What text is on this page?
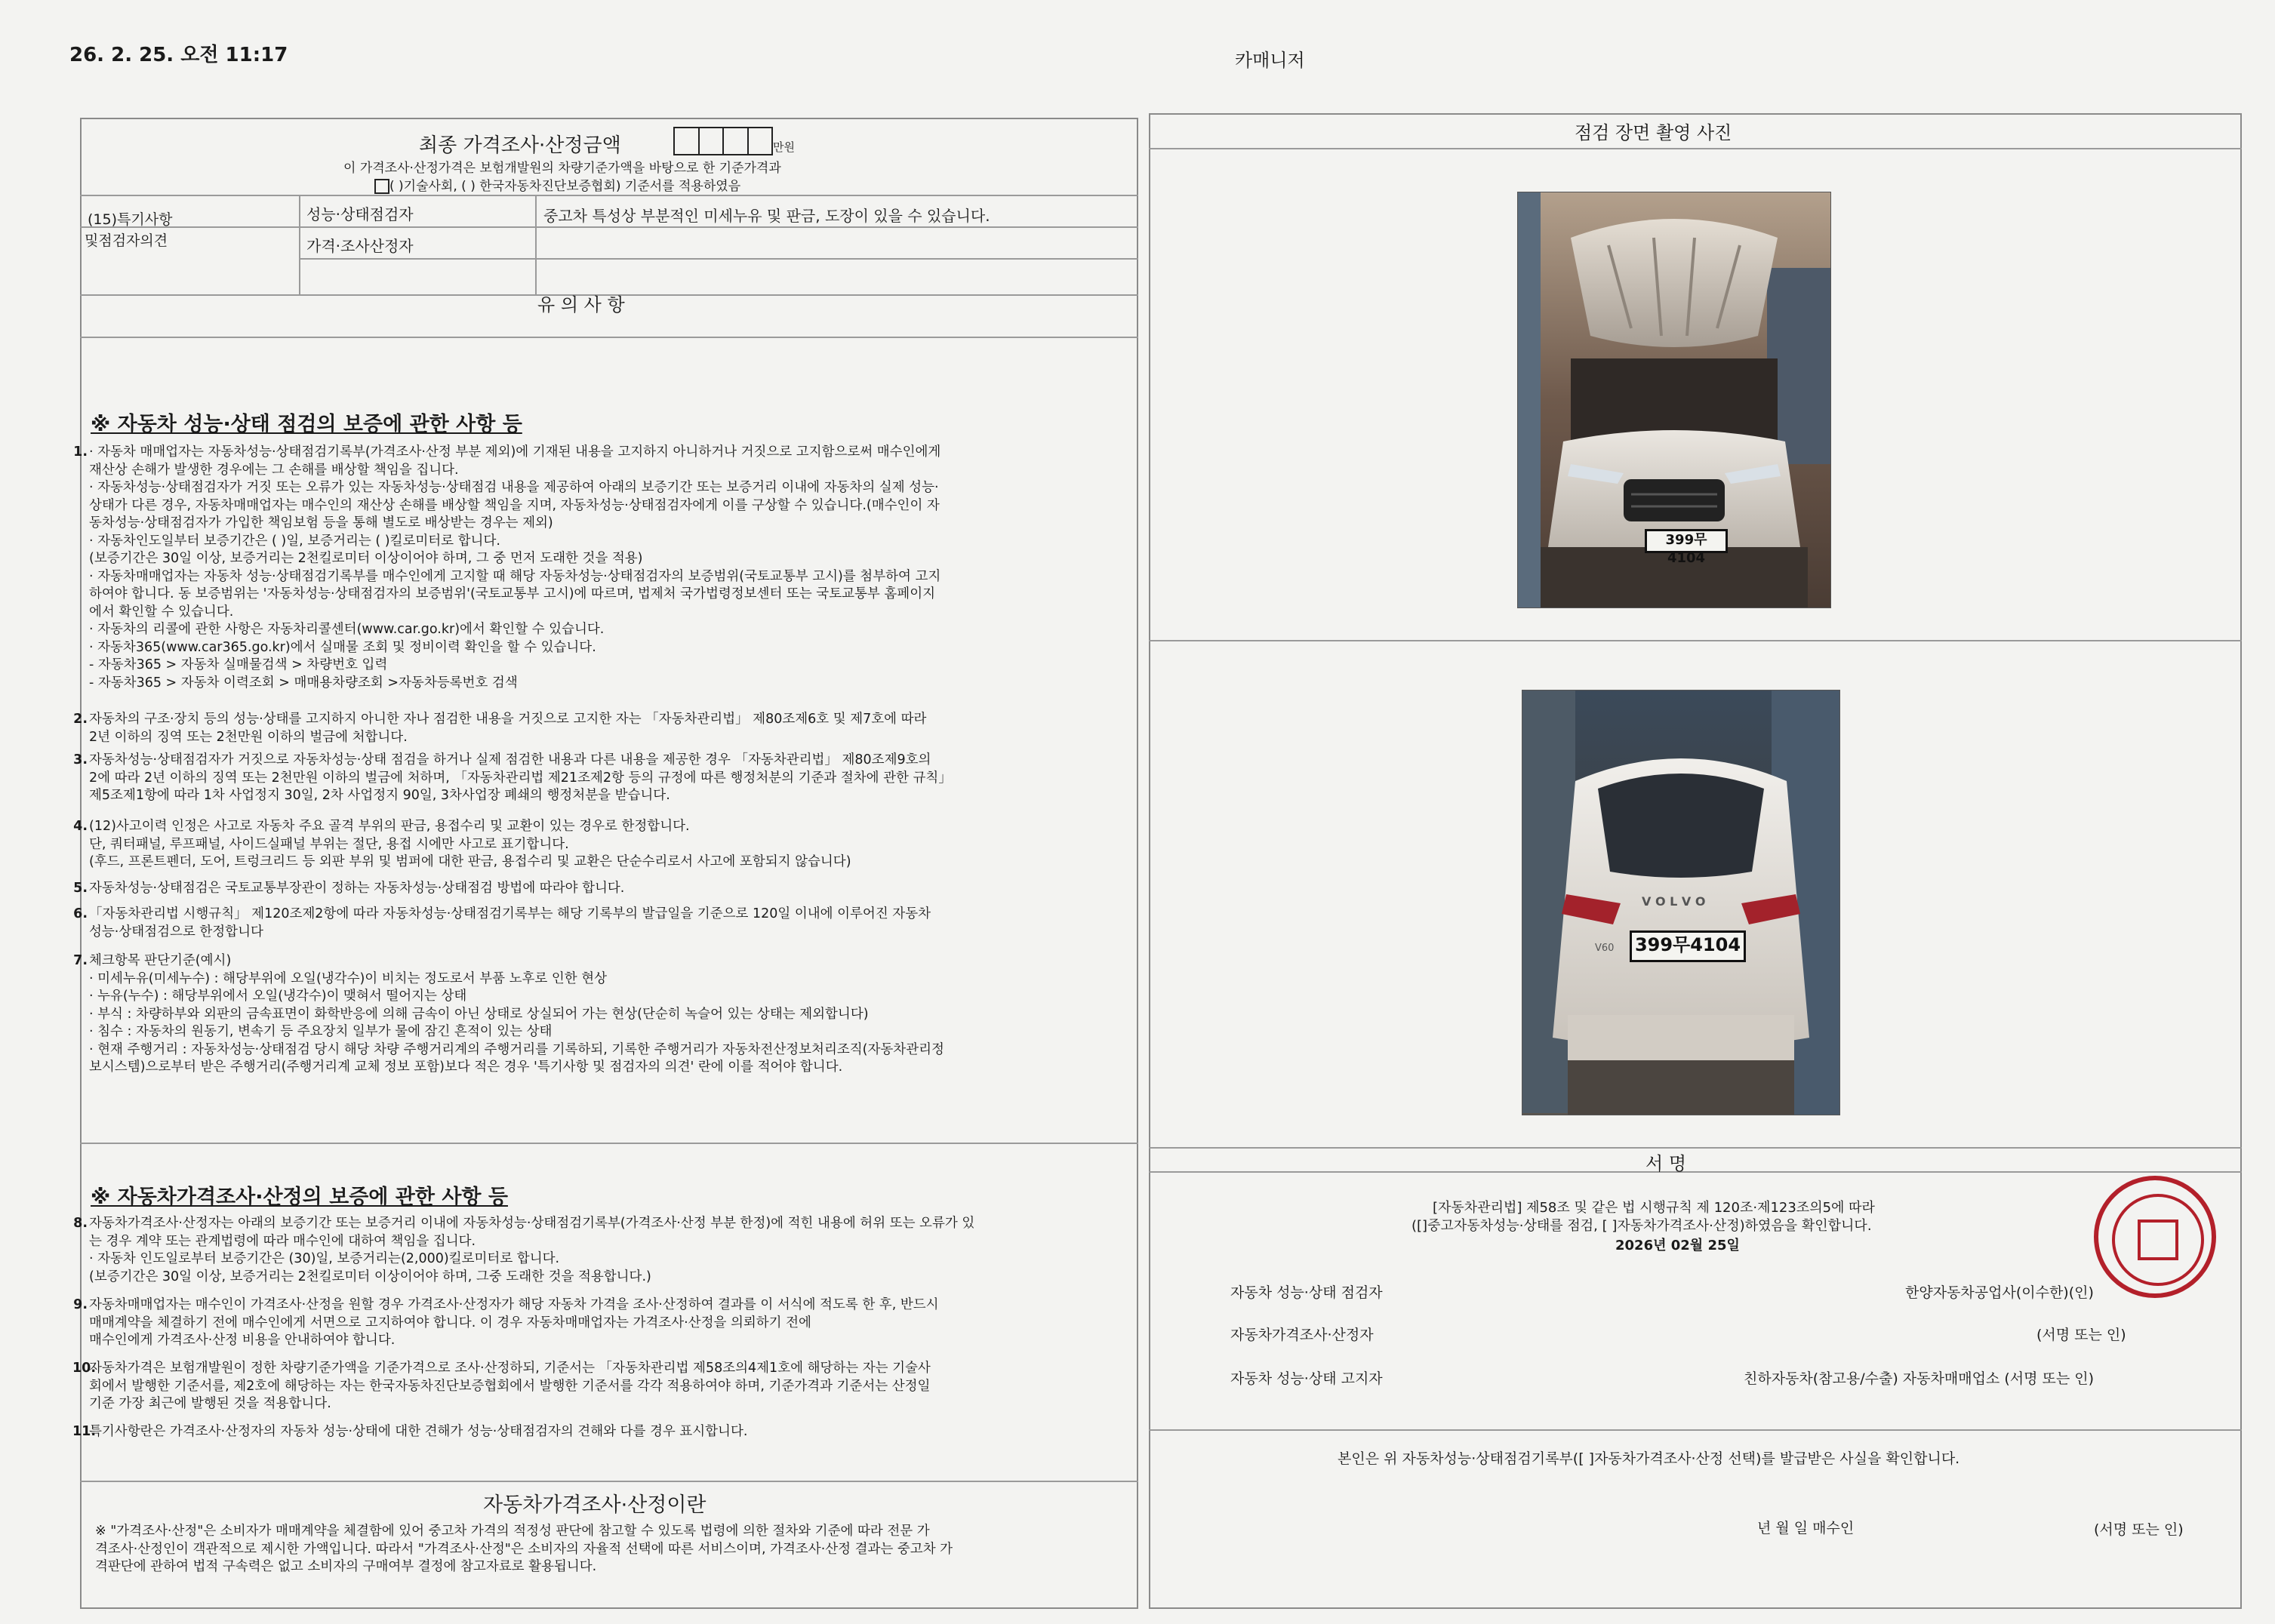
26. 2. 25. 오전 11:17	카매니저
최종 가격조사·산정금액	만원
이 가격조사·산정가격은 보험개발원의 차량기준가액을 바탕으로 한 기준가격과
( )기술사회, ( ) 한국자동차진단보증협회) 기준서를 적용하였음
(15)특기사항
및점검자의견
성능·상태점검자	중고차 특성상 부분적인 미세누유 및 판금, 도장이 있을 수 있습니다.
가격·조사산정자
유 의 사 항
※ 자동차 성능·상태 점검의 보증에 관한 사항 등
1. · 자동차 매매업자는 자동차성능·상태점검기록부(가격조사·산정 부분 제외)에 기재된 내용을 고지하지 아니하거나 거짓으로 고지함으로써 매수인에게
재산상 손해가 발생한 경우에는 그 손해를 배상할 책임을 집니다.
· 자동차성능·상태점검자가 거짓 또는 오류가 있는 자동차성능·상태점검 내용을 제공하여 아래의 보증기간 또는 보증거리 이내에 자동차의 실제 성능·
상태가 다른 경우, 자동차매매업자는 매수인의 재산상 손해를 배상할 책임을 지며, 자동차성능·상태점검자에게 이를 구상할 수 있습니다.(매수인이 자
동차성능·상태점검자가 가입한 책임보험 등을 통해 별도로 배상받는 경우는 제외)
· 자동차인도일부터 보증기간은 ( )일, 보증거리는 ( )킬로미터로 합니다.
(보증기간은 30일 이상, 보증거리는 2천킬로미터 이상이어야 하며, 그 중 먼저 도래한 것을 적용)
· 자동차매매업자는 자동차 성능·상태점검기록부를 매수인에게 고지할 때 해당 자동차성능·상태점검자의 보증범위(국토교통부 고시)를 첨부하여 고지
하여야 합니다. 동 보증범위는 '자동차성능·상태점검자의 보증범위'(국토교통부 고시)에 따르며, 법제처 국가법령정보센터 또는 국토교통부 홈페이지
에서 확인할 수 있습니다.
· 자동차의 리콜에 관한 사항은 자동차리콜센터(www.car.go.kr)에서 확인할 수 있습니다.
· 자동차365(www.car365.go.kr)에서 실매물 조회 및 정비이력 확인을 할 수 있습니다.
- 자동차365 > 자동차 실매물검색 > 차량번호 입력
- 자동차365 > 자동차 이력조회 > 매매용차량조회 >자동차등록번호 검색
2. 자동차의 구조·장치 등의 성능·상태를 고지하지 아니한 자나 점검한 내용을 거짓으로 고지한 자는 「자동차관리법」 제80조제6호 및 제7호에 따라
2년 이하의 징역 또는 2천만원 이하의 벌금에 처합니다.
3. 자동차성능·상태점검자가 거짓으로 자동차성능·상태 점검을 하거나 실제 점검한 내용과 다른 내용을 제공한 경우 「자동차관리법」 제80조제9호의
2에 따라 2년 이하의 징역 또는 2천만원 이하의 벌금에 처하며, 「자동차관리법 제21조제2항 등의 규정에 따른 행정처분의 기준과 절차에 관한 규칙」
제5조제1항에 따라 1차 사업정지 30일, 2차 사업정지 90일, 3차사업장 폐쇄의 행정처분을 받습니다.
4. (12)사고이력 인정은 사고로 자동차 주요 골격 부위의 판금, 용접수리 및 교환이 있는 경우로 한정합니다.
단, 쿼터패널, 루프패널, 사이드실패널 부위는 절단, 용접 시에만 사고로 표기합니다.
(후드, 프론트펜더, 도어, 트렁크리드 등 외판 부위 및 범퍼에 대한 판금, 용접수리 및 교환은 단순수리로서 사고에 포함되지 않습니다)
5. 자동차성능·상태점검은 국토교통부장관이 정하는 자동차성능·상태점검 방법에 따라야 합니다.
6. 「자동차관리법 시행규칙」 제120조제2항에 따라 자동차성능·상태점검기록부는 해당 기록부의 발급일을 기준으로 120일 이내에 이루어진 자동차
성능·상태점검으로 한정합니다
7. 체크항목 판단기준(예시)
· 미세누유(미세누수) : 해당부위에 오일(냉각수)이 비치는 정도로서 부품 노후로 인한 현상
· 누유(누수) : 해당부위에서 오일(냉각수)이 맺혀서 떨어지는 상태
· 부식 : 차량하부와 외판의 금속표면이 화학반응에 의해 금속이 아닌 상태로 상실되어 가는 현상(단순히 녹슬어 있는 상태는 제외합니다)
· 침수 : 자동차의 원동기, 변속기 등 주요장치 일부가 물에 잠긴 흔적이 있는 상태
· 현재 주행거리 : 자동차성능·상태점검 당시 해당 차량 주행거리계의 주행거리를 기록하되, 기록한 주행거리가 자동차전산정보처리조직(자동차관리정
보시스템)으로부터 받은 주행거리(주행거리계 교체 정보 포함)보다 적은 경우 '특기사항 및 점검자의 의견' 란에 이를 적어야 합니다.
※ 자동차가격조사·산정의 보증에 관한 사항 등
8. 자동차가격조사·산정자는 아래의 보증기간 또는 보증거리 이내에 자동차성능·상태점검기록부(가격조사·산정 부분 한정)에 적힌 내용에 허위 또는 오류가 있
는 경우 계약 또는 관계법령에 따라 매수인에 대하여 책임을 집니다.
· 자동차 인도일로부터 보증기간은 (30)일, 보증거리는(2,000)킬로미터로 합니다.
(보증기간은 30일 이상, 보증거리는 2천킬로미터 이상이어야 하며, 그중 도래한 것을 적용합니다.)
9. 자동차매매업자는 매수인이 가격조사·산정을 원할 경우 가격조사·산정자가 해당 자동차 가격을 조사·산정하여 결과를 이 서식에 적도록 한 후, 반드시
매매계약을 체결하기 전에 매수인에게 서면으로 고지하여야 합니다. 이 경우 자동차매매업자는 가격조사·산정을 의뢰하기 전에
매수인에게 가격조사·산정 비용을 안내하여야 합니다.
10.
자동차가격은 보험개발원이 정한 차량기준가액을 기준가격으로 조사·산정하되, 기준서는 「자동차관리법 제58조의4제1호에 해당하는 자는 기술사
회에서 발행한 기준서를, 제2호에 해당하는 자는 한국자동차진단보증협회에서 발행한 기준서를 각각 적용하여야 하며, 기준가격과 기준서는 산정일
기준 가장 최근에 발행된 것을 적용합니다.
11.
특기사항란은 가격조사·산정자의 자동차 성능·상태에 대한 견해가 성능·상태점검자의 견해와 다를 경우 표시합니다.
자동차가격조사·산정이란
※ "가격조사·산정"은 소비자가 매매계약을 체결함에 있어 중고차 가격의 적정성 판단에 참고할 수 있도록 법령에 의한 절차와 기준에 따라 전문 가
격조사·산정인이 객관적으로 제시한 가액입니다. 따라서 "가격조사·산정"은 소비자의 자율적 선택에 따른 서비스이며, 가격조사·산정 결과는 중고차 가
격판단에 관하여 법적 구속력은 없고 소비자의 구매여부 결정에 참고자료로 활용됩니다.
점검 장면 촬영 사진
399무4104
V O L V O
V60 399무4104
서 명
[자동차관리법] 제58조 및 같은 법 시행규칙 제 120조·제123조의5에 따라
([]중고자동차성능·상태를 점검, [ ]자동차가격조사·산정)하였음을 확인합니다.
2026년 02월 25일
자동차 성능·상태 점검자	한양자동차공업사(이수한)(인)
자동차가격조사·산정자	(서명 또는 인)
자동차 성능·상태 고지자	친하자동차(참고용/수출) 자동차매매업소 (서명 또는 인)
본인은 위 자동차성능·상태점검기록부([ ]자동차가격조사·산정 선택)를 발급받은 사실을 확인합니다.
년 월 일 매수인	(서명 또는 인)
